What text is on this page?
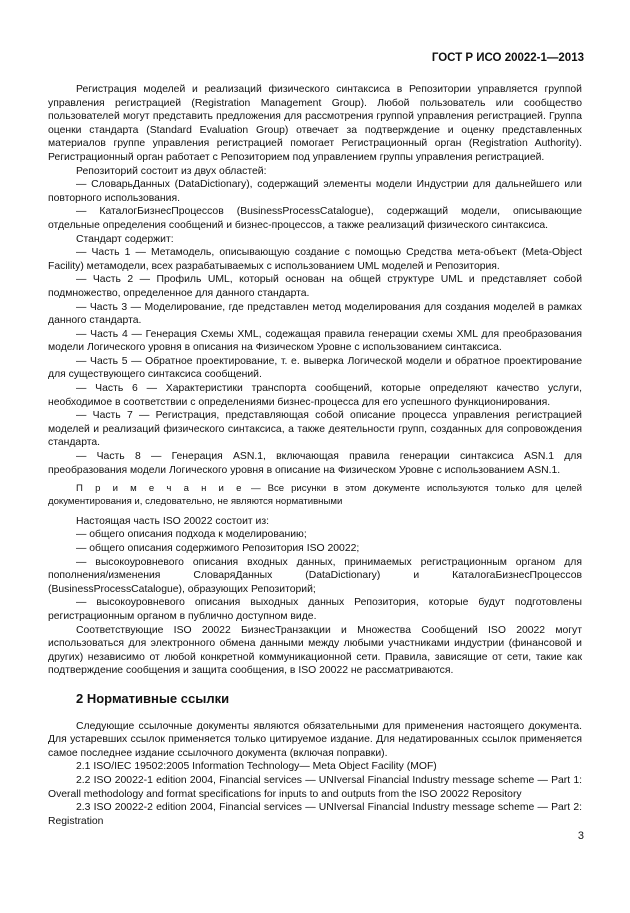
ГОСТ Р ИСО 20022-1—2013

Регистрация моделей и реализаций физического синтаксиса в Репозитории управляется группой управления регистрацией (Registration Management Group). Любой пользователь или сообщество пользователей могут представить предложения для рассмотрения группой управления регистрацией. Группа оценки стандарта (Standard Evaluation Group) отвечает за подтверждение и оценку представленных материалов группе управления регистрацией помогает Регистрационный орган (Registration Authority). Регистрационный орган работает с Репозиторием под управлением группы управления регистрацией.

Репозиторий состоит из двух областей:

— СловарьДанных (DataDictionary), содержащий элементы модели Индустрии для дальнейшего или повторного использования.

— КаталогБизнесПроцессов (BusinessProcessCatalogue), содержащий модели, описывающие отдельные определения сообщений и бизнес-процессов, а также реализаций физического синтаксиса.

Стандарт содержит:

— Часть 1 — Метамодель, описывающую создание с помощью Средства мета-объект (Meta-Object Facility) метамодели, всех разрабатываемых с использованием UML моделей и Репозитория.

— Часть 2 — Профиль UML, который основан на общей структуре UML и представляет собой подмножество, определенное для данного стандарта.

— Часть 3 — Моделирование, где представлен метод моделирования для создания моделей в рамках данного стандарта.

— Часть 4 — Генерация Схемы XML, содежащая правила генерации схемы XML для преобразования модели Логического уровня в описания на Физическом Уровне с использованием синтаксиса.

— Часть 5 — Обратное проектирование, т. е. выверка Логической модели и обратное проектирование для существующего синтаксиса сообщений.

— Часть 6 — Характеристики транспорта сообщений, которые определяют качество услуги, необходимое в соответствии с определениями бизнес-процесса для его успешного функционирования.

— Часть 7 — Регистрация, представляющая собой описание процесса управления регистрацией моделей и реализаций физического синтаксиса, а также деятельности групп, созданных для сопровождения стандарта.

— Часть 8 — Генерация ASN.1, включающая правила генерации синтаксиса ASN.1 для преобразования модели Логического уровня в описание на Физическом Уровне с использованием ASN.1.

П р и м е ч а н и е — Все рисунки в этом документе используются только для целей документирования и, следовательно, не являются нормативными

Настоящая часть ISO 20022 состоит из:

— общего описания подхода к моделированию;

— общего описания содержимого Репозитория ISO 20022;

— высокоуровневого описания входных данных, принимаемых регистрационным органом для пополнения/изменения СловаряДанных (DataDictionary) и КаталогаБизнесПроцессов (BusinessProcessCatalogue), образующих Репозиторий;

— высокоуровневого описания выходных данных Репозитория, которые будут подготовлены регистрационным органом в публично доступном виде.

Соответствующие ISO 20022 БизнесТранзакции и Множества Сообщений ISO 20022 могут использоваться для электронного обмена данными между любыми участниками индустрии (финансовой и других) независимо от любой конкретной коммуникационной сети. Правила, зависящие от сети, такие как подтверждение сообщения и защита сообщения, в ISO 20022 не рассматриваются.

2 Нормативные ссылки

Следующие ссылочные документы являются обязательными для применения настоящего документа. Для устаревших ссылок применяется только цитируемое издание. Для недатированных ссылок применяется самое последнее издание ссылочного документа (включая поправки).

2.1 ISO/IEC 19502:2005 Information Technology— Meta Object Facility (MOF)

2.2 ISO 20022-1 edition 2004, Financial services — UNIversal Financial Industry message scheme — Part 1: Overall methodology and format specifications for inputs to and outputs from the ISO 20022 Repository

2.3 ISO 20022-2 edition 2004, Financial services — UNIversal Financial Industry message scheme — Part 2: Registration

3
